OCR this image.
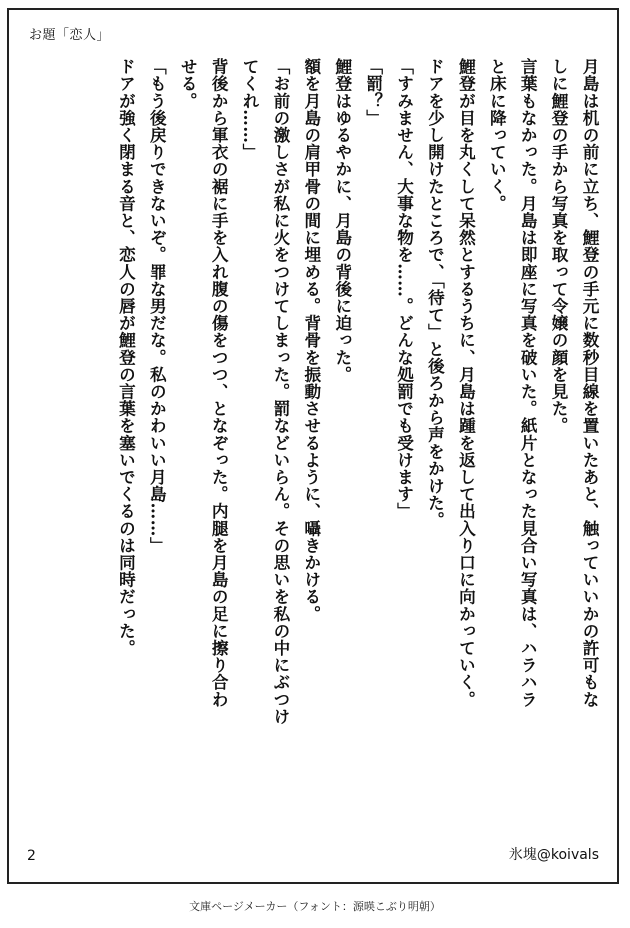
お題「恋人」
月島は机の前に立ち、鯉登の手元に数秒目線を置いたあと、触っていいかの許可もな
しに鯉登の手から写真を取って令嬢の顔を見た。
言葉もなかった。月島は即座に写真を破いた。紙片となった見合い写真は、ハラハラ
と床に降っていく。
鯉登が目を丸くして呆然とするうちに、月島は踵を返して出入り口に向かっていく。
ドアを少し開けたところで、「待て」と後ろから声をかけた。
「すみません、大事な物を……。どんな処罰でも受けます」
「罰？」
鯉登はゆるやかに、月島の背後に迫った。
額を月島の肩甲骨の間に埋める。背骨を振動させるように、囁きかける。
「お前の激しさが私に火をつけてしまった。罰などいらん。その思いを私の中にぶつけ
てくれ……」
背後から軍衣の裾に手を入れ腹の傷をつつ、となぞった。内腿を月島の足に擦り合わ
せる。
「もう後戻りできないぞ。罪な男だな。私のかわいい月島……」
ドアが強く閉まる音と、恋人の唇が鯉登の言葉を塞いでくるのは同時だった。
2	氷塊@koivals
文庫ページメーカー（フォント：源暎こぶり明朝）
